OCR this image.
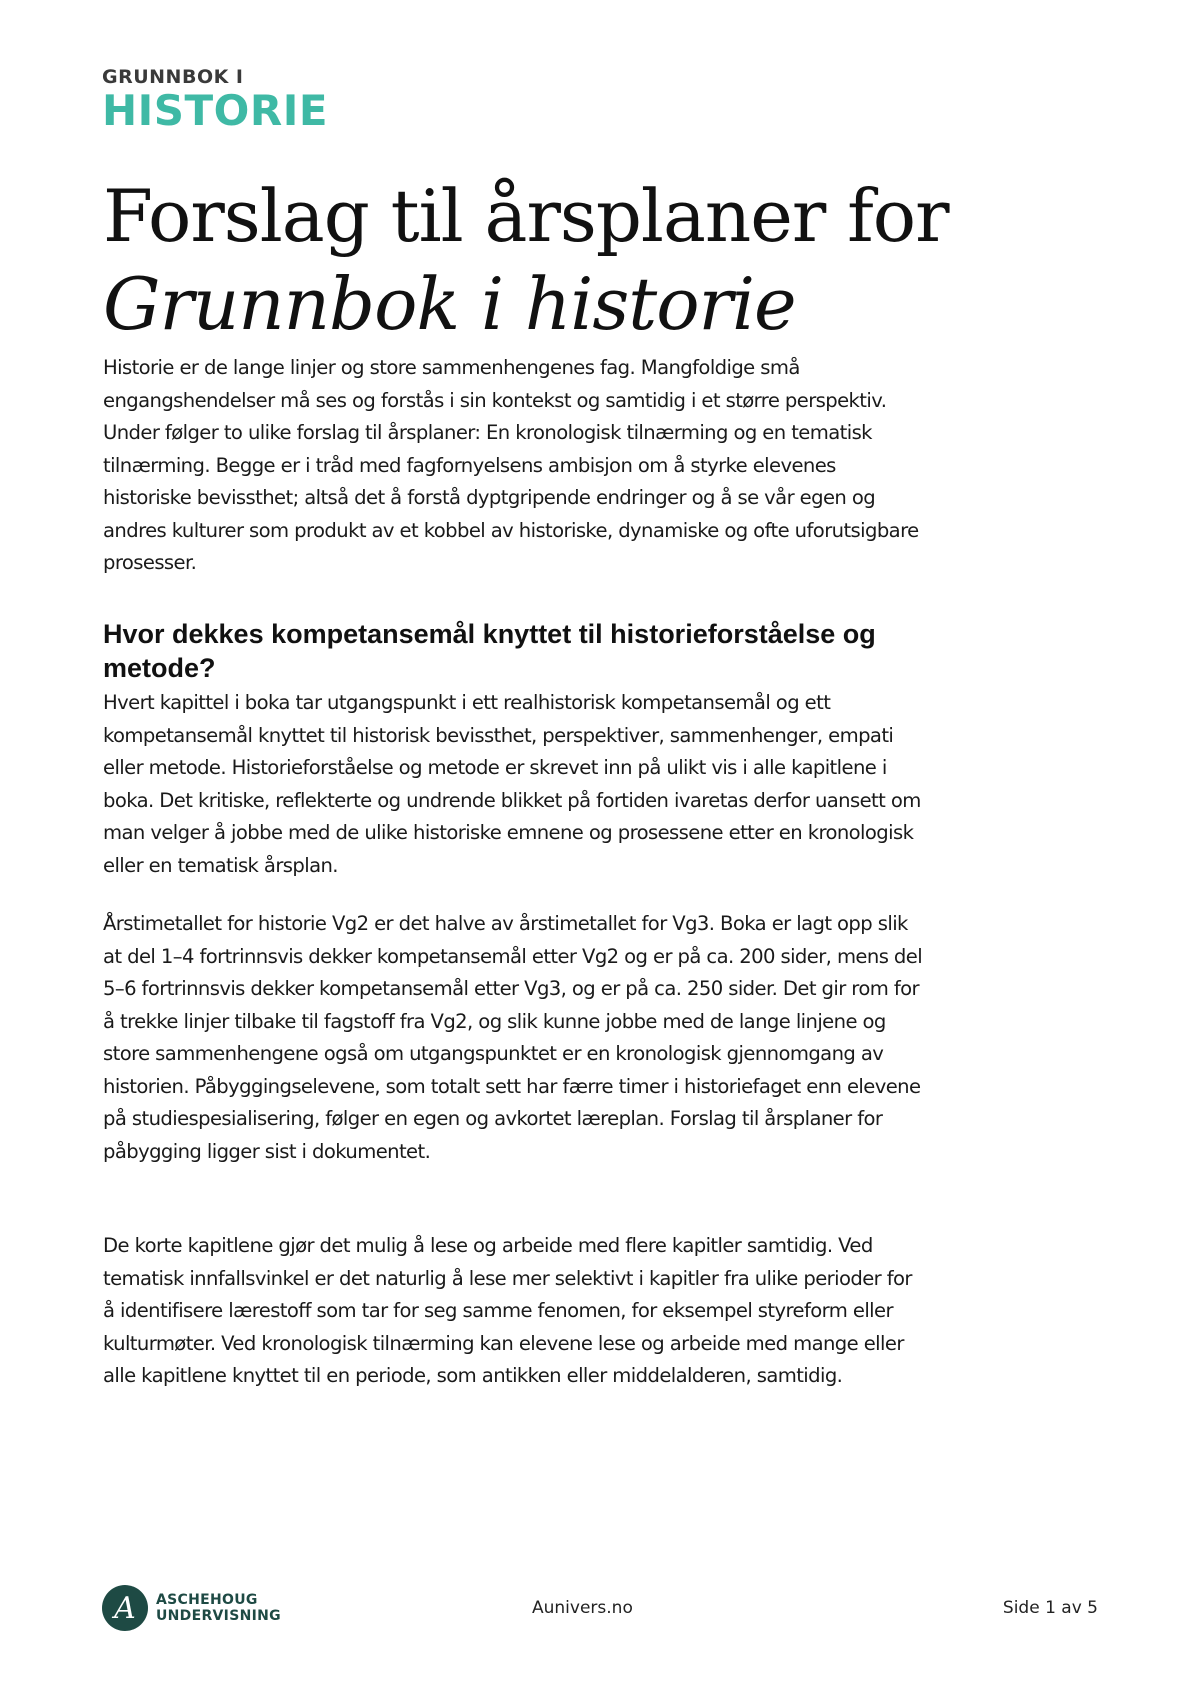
GRUNNBOK I
HISTORIE
Forslag til årsplaner for
Grunnbok i historie

Historie er de lange linjer og store sammenhengenes fag. Mangfoldige små engangshendelser må ses og forstås i sin kontekst og samtidig i et større perspektiv. Under følger to ulike forslag til årsplaner: En kronologisk tilnærming og en tematisk tilnærming. Begge er i tråd med fagfornyelsens ambisjon om å styrke elevenes historiske bevissthet; altså det å forstå dyptgripende endringer og å se vår egen og andres kulturer som produkt av et kobbel av historiske, dynamiske og ofte uforutsigbare prosesser.

Hvor dekkes kompetansemål knyttet til historieforståelse og metode?

Hvert kapittel i boka tar utgangspunkt i ett realhistorisk kompetansemål og ett kompetansemål knyttet til historisk bevissthet, perspektiver, sammenhenger, empati eller metode. Historieforståelse og metode er skrevet inn på ulikt vis i alle kapitlene i boka. Det kritiske, reflekterte og undrende blikket på fortiden ivaretas derfor uansett om man velger å jobbe med de ulike historiske emnene og prosessene etter en kronologisk eller en tematisk årsplan.

Årstimetallet for historie Vg2 er det halve av årstimetallet for Vg3. Boka er lagt opp slik at del 1–4 fortrinnsvis dekker kompetansemål etter Vg2 og er på ca. 200 sider, mens del 5–6 fortrinnsvis dekker kompetansemål etter Vg3, og er på ca. 250 sider. Det gir rom for å trekke linjer tilbake til fagstoff fra Vg2, og slik kunne jobbe med de lange linjene og store sammenhengene også om utgangspunktet er en kronologisk gjennomgang av historien. Påbyggingselevene, som totalt sett har færre timer i historiefaget enn elevene på studiespesialisering, følger en egen og avkortet læreplan. Forslag til årsplaner for påbygging ligger sist i dokumentet.

De korte kapitlene gjør det mulig å lese og arbeide med flere kapitler samtidig. Ved tematisk innfallsvinkel er det naturlig å lese mer selektivt i kapitler fra ulike perioder for å identifisere lærestoff som tar for seg samme fenomen, for eksempel styreform eller kulturmøter. Ved kronologisk tilnærming kan elevene lese og arbeide med mange eller alle kapitlene knyttet til en periode, som antikken eller middelalderen, samtidig.

A	ASCHEHOUG
UNDERVISNING	Aunivers.no	Side 1 av 5
